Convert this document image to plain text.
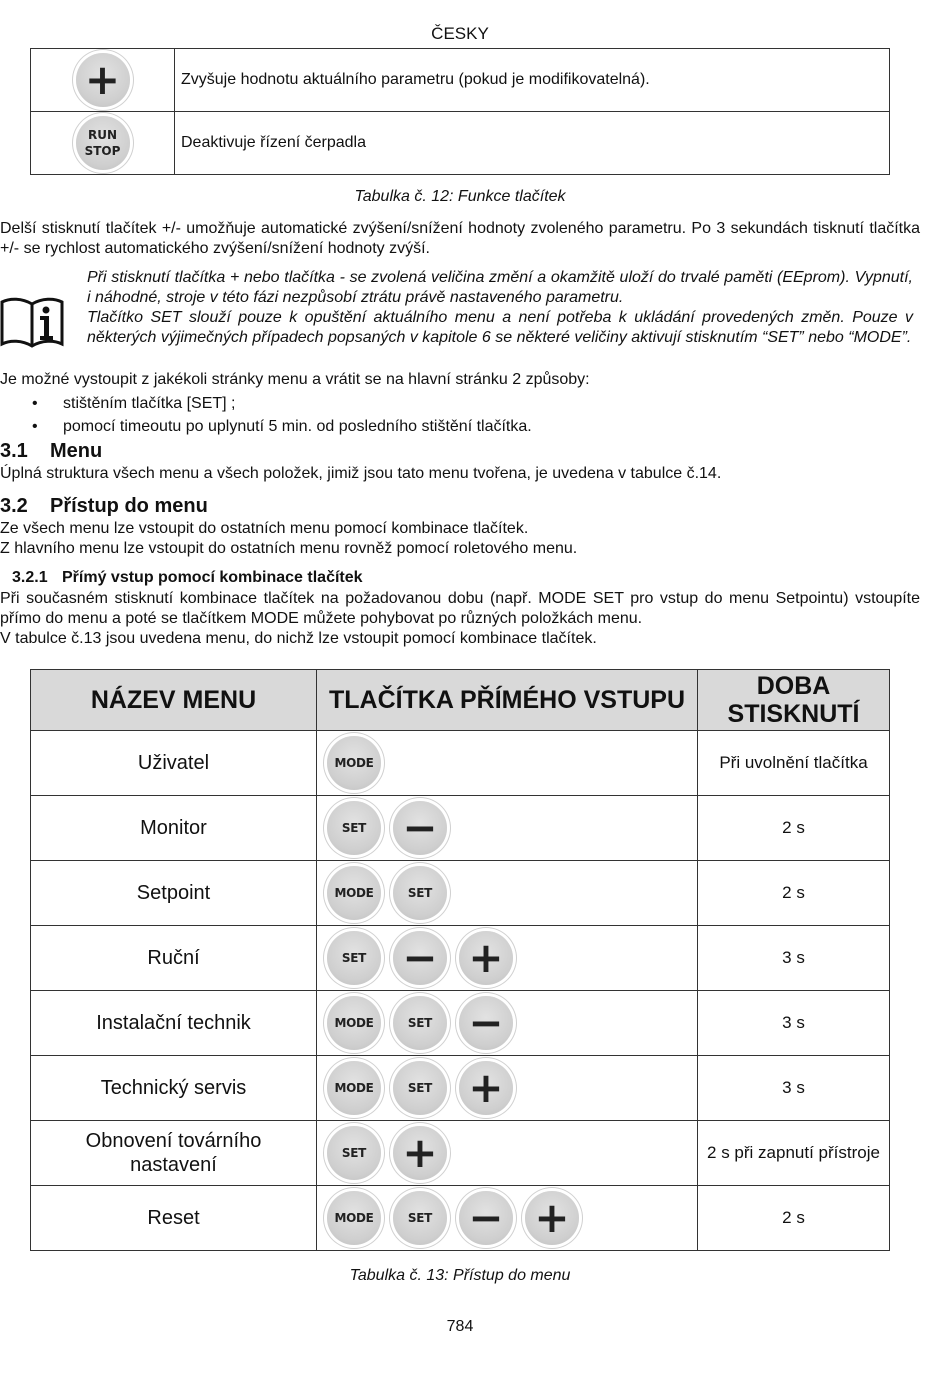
ČESKY
+	Zvyšuje hodnotu aktuálního parametru (pokud je modifikovatelná).

RUN
STOP	Deaktivuje řízení čerpadla
Tabulka č. 12: Funkce tlačítek
Delší stisknutí tlačítek +/- umožňuje automatické zvýšení/snížení hodnoty zvoleného parametru. Po 3 sekundách tisknutí tlačítka +/- se rychlost automatického zvýšení/snížení hodnoty zvýší.

Při stisknutí tlačítka + nebo tlačítka - se zvolená veličina změní a okamžitě uloží do trvalé paměti (EEprom). Vypnutí, i náhodné, stroje v této fázi nezpůsobí ztrátu právě nastaveného parametru.

Tlačítko SET slouží pouze k opuštění aktuálního menu a není potřeba k ukládání provedených změn. Pouze v některých výjimečných případech popsaných v kapitole 6 se některé veličiny aktivují stisknutím “SET” nebo “MODE”.

Je možné vystoupit z jakékoli stránky menu a vrátit se na hlavní stránku 2 způsoby:
• stištěním tlačítka [SET] ;
• pomocí timeoutu po uplynutí 5 min. od posledního stištění tlačítka.
3.1 Menu
Úplná struktura všech menu a všech položek, jimiž jsou tato menu tvořena, je uvedena v tabulce č.14.
3.2 Přístup do menu
Ze všech menu lze vstoupit do ostatních menu pomocí kombinace tlačítek.
Z hlavního menu lze vstoupit do ostatních menu rovněž pomocí roletového menu.
3.2.1 Přímý vstup pomocí kombinace tlačítek
Při současném stisknutí kombinace tlačítek na požadovanou dobu (např. MODE SET pro vstup do menu Setpointu) vstoupíte přímo do menu a poté se tlačítkem MODE můžete pohybovat po různých položkách menu.
V tabulce č.13 jsou uvedena menu, do nichž lze vstoupit pomocí kombinace tlačítek.
NÁZEV MENU	TLAČÍTKA PŘÍMÉHO VSTUPU	DOBA
STISKNUTÍ
Uživatel	MODE	Při uvolnění tlačítka
Monitor	SET −	2 s
Setpoint	MODE SET	2 s
Ruční	SET − +	3 s
Instalační technik	MODE SET −	3 s
Technický servis	MODE SET +	3 s
Obnovení továrního
nastavení	SET +	2 s při zapnutí přístroje
Reset	MODE SET − +	2 s
Tabulka č. 13: Přístup do menu
784
